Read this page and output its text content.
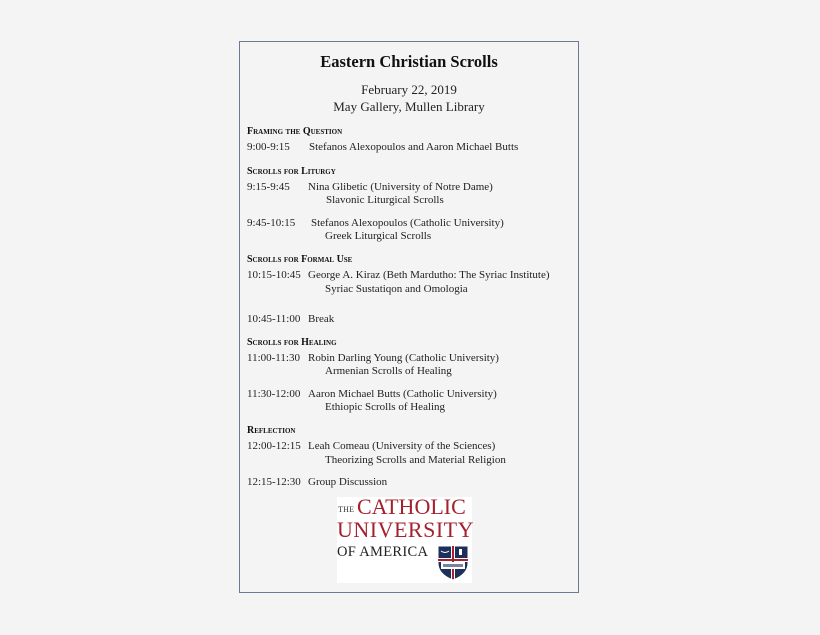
Eastern Christian Scrolls
February 22, 2019
May Gallery, Mullen Library
Framing the Question
9:00-9:15 Stefanos Alexopoulos and Aaron Michael Butts
Scrolls for Liturgy
9:15-9:45 Nina Glibetic (University of Notre Dame)
Slavonic Liturgical Scrolls
9:45-10:15 Stefanos Alexopoulos (Catholic University)
Greek Liturgical Scrolls
Scrolls for Formal Use
10:15-10:45 George A. Kiraz (Beth Mardutho: The Syriac Institute)
Syriac Sustatiqon and Omologia
10:45-11:00 Break
Scrolls for Healing
11:00-11:30 Robin Darling Young (Catholic University)
Armenian Scrolls of Healing
11:30-12:00 Aaron Michael Butts (Catholic University)
Ethiopic Scrolls of Healing
Reflection
12:00-12:15 Leah Comeau (University of the Sciences)
Theorizing Scrolls and Material Religion
12:15-12:30 Group Discussion
THE CATHOLIC
UNIVERSITY
OF AMERICA
